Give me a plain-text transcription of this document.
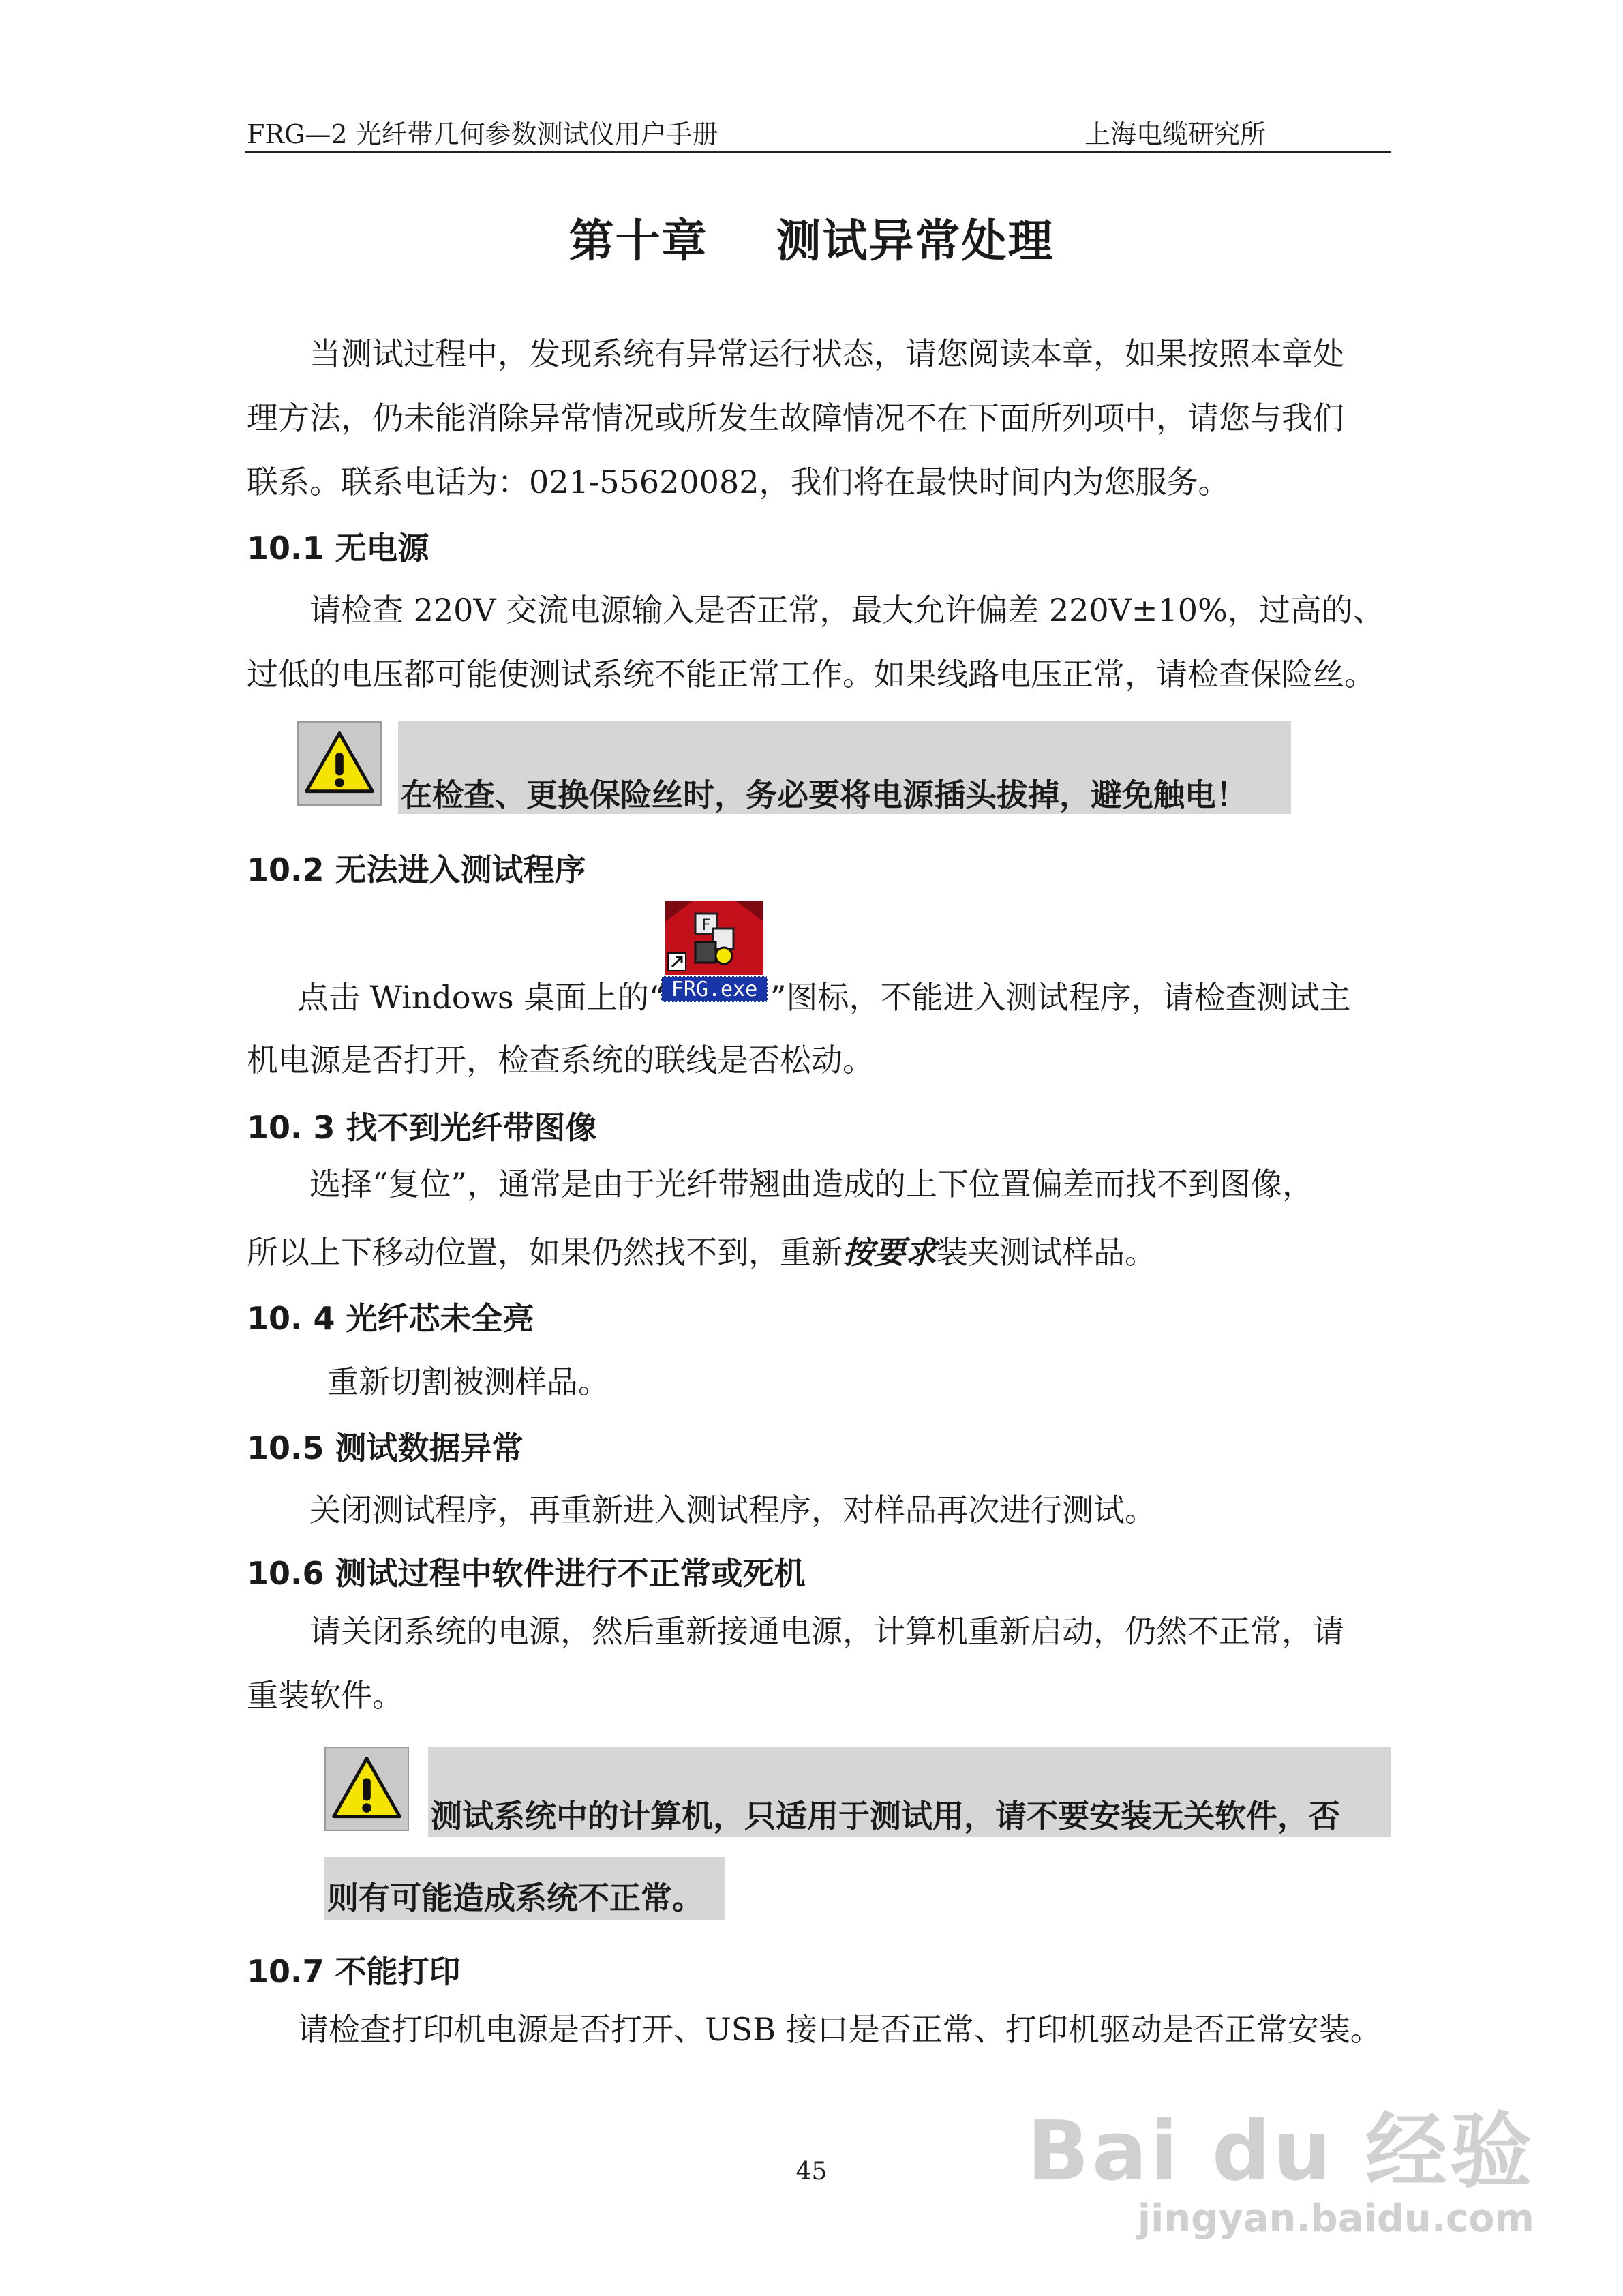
FRG—2 光纤带几何参数测试仪用户手册	上海电缆研究所
第十章 测试异常处理
当测试过程中，发现系统有异常运行状态，请您阅读本章，如果按照本章处
理方法，仍未能消除异常情况或所发生故障情况不在下面所列项中，请您与我们
联系。联系电话为：021-55620082，我们将在最快时间内为您服务。
10.1 无电源
请检查 220V 交流电源输入是否正常，最大允许偏差 220V±10%，过高的、
过低的电压都可能使测试系统不能正常工作。如果线路电压正常，请检查保险丝。
在检查、更换保险丝时，务必要将电源插头拔掉，避免触电！
10.2 无法进入测试程序
F
FRG.exe
点击 Windows 桌面上的“	”图标，不能进入测试程序，请检查测试主
机电源是否打开，检查系统的联线是否松动。
10. 3 找不到光纤带图像
选择“复位”，通常是由于光纤带翘曲造成的上下位置偏差而找不到图像，
所以上下移动位置，如果仍然找不到，重新按要求装夹测试样品。
10. 4 光纤芯未全亮
重新切割被测样品。
10.5 测试数据异常
关闭测试程序，再重新进入测试程序，对样品再次进行测试。
10.6 测试过程中软件进行不正常或死机
请关闭系统的电源，然后重新接通电源，计算机重新启动，仍然不正常，请
重装软件。
测试系统中的计算机，只适用于测试用，请不要安装无关软件，否
则有可能造成系统不正常。
10.7 不能打印
请检查打印机电源是否打开、USB 接口是否正常、打印机驱动是否正常安装。
45	Bai du 经验
jingyan.baidu.com
